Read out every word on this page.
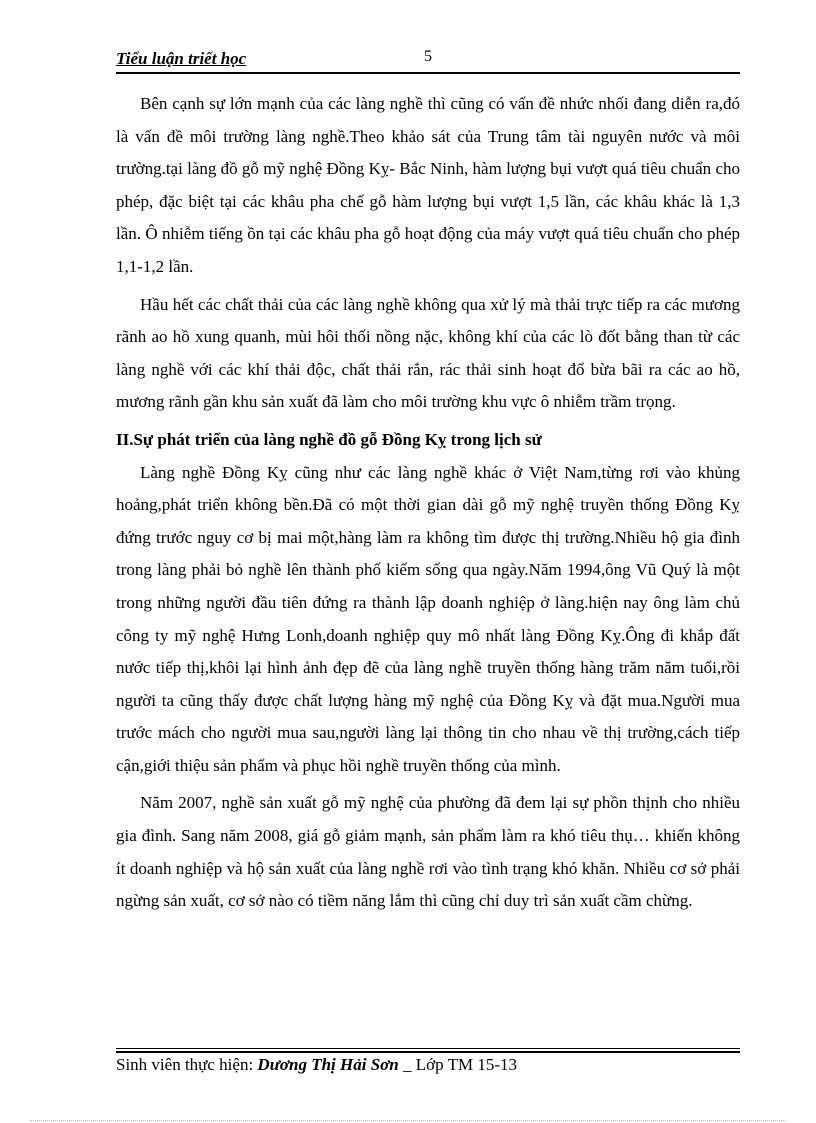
Tiểu luận triết học	5

Bên cạnh sự lớn mạnh của các làng nghề thì cũng có vấn đề nhức nhối đang diễn ra,đó là vấn đề môi trường làng nghề.Theo khảo sát của Trung tâm tài nguyên nước và môi trường.tại làng đồ gỗ mỹ nghệ Đồng Kỵ- Bắc Ninh, hàm lượng bụi vượt quá tiêu chuẩn cho phép, đặc biệt tại các khâu pha chế gỗ hàm lượng bụi vượt 1,5 lần, các khâu khác là 1,3 lần. Ô nhiễm tiếng ồn tại các khâu pha gỗ hoạt động của máy vượt quá tiêu chuẩn cho phép 1,1-1,2 lần.

Hầu hết các chất thải của các làng nghề không qua xử lý mà thải trực tiếp ra các mương rãnh ao hồ xung quanh, mùi hôi thối nồng nặc, không khí của các lò đốt bằng than từ các làng nghề với các khí thải độc, chất thải rắn, rác thải sinh hoạt đổ bừa bãi ra các ao hồ, mương rãnh gần khu sản xuất đã làm cho môi trường khu vực ô nhiễm trầm trọng.

II.Sự phát triển của làng nghề đồ gỗ Đồng Kỵ trong lịch sử

Làng nghề Đồng Kỵ cũng như các làng nghề khác ở Việt Nam,từng rơi vào khủng hoảng,phát triển không bền.Đã có một thời gian dài gỗ mỹ nghệ truyền thống Đồng Kỵ đứng trước nguy cơ bị mai một,hàng làm ra không tìm được thị trường.Nhiều hộ gia đình trong làng phải bỏ nghề lên thành phố kiếm sống qua ngày.Năm 1994,ông Vũ Quý là một trong những người đầu tiên đứng ra thành lập doanh nghiệp ở làng.hiện nay ông làm chủ công ty mỹ nghệ Hưng Lonh,doanh nghiệp quy mô nhất làng Đồng Kỵ.Ông đi khắp đất nước tiếp thị,khôi lại hình ảnh đẹp đẽ của làng nghề truyền thống hàng trăm năm tuổi,rồi người ta cũng thấy được chất lượng hàng mỹ nghệ của Đồng Kỵ và đặt mua.Người mua trước mách cho người mua sau,người làng lại thông tin cho nhau về thị trường,cách tiếp cận,giới thiệu sản phẩm và phục hồi nghề truyền thống của mình.

Năm 2007, nghề sản xuất gỗ mỹ nghệ của phường đã đem lại sự phồn thịnh cho nhiều gia đình. Sang năm 2008, giá gỗ giảm mạnh, sản phẩm làm ra khó tiêu thụ… khiến không ít doanh nghiệp và hộ sản xuất của làng nghề rơi vào tình trạng khó khăn. Nhiều cơ sở phải ngừng sản xuất, cơ sở nào có tiềm năng lắm thì cũng chỉ duy trì sản xuất cầm chừng.

Sinh viên thực hiện: Dương Thị Hải Sơn _ Lớp TM 15-13
